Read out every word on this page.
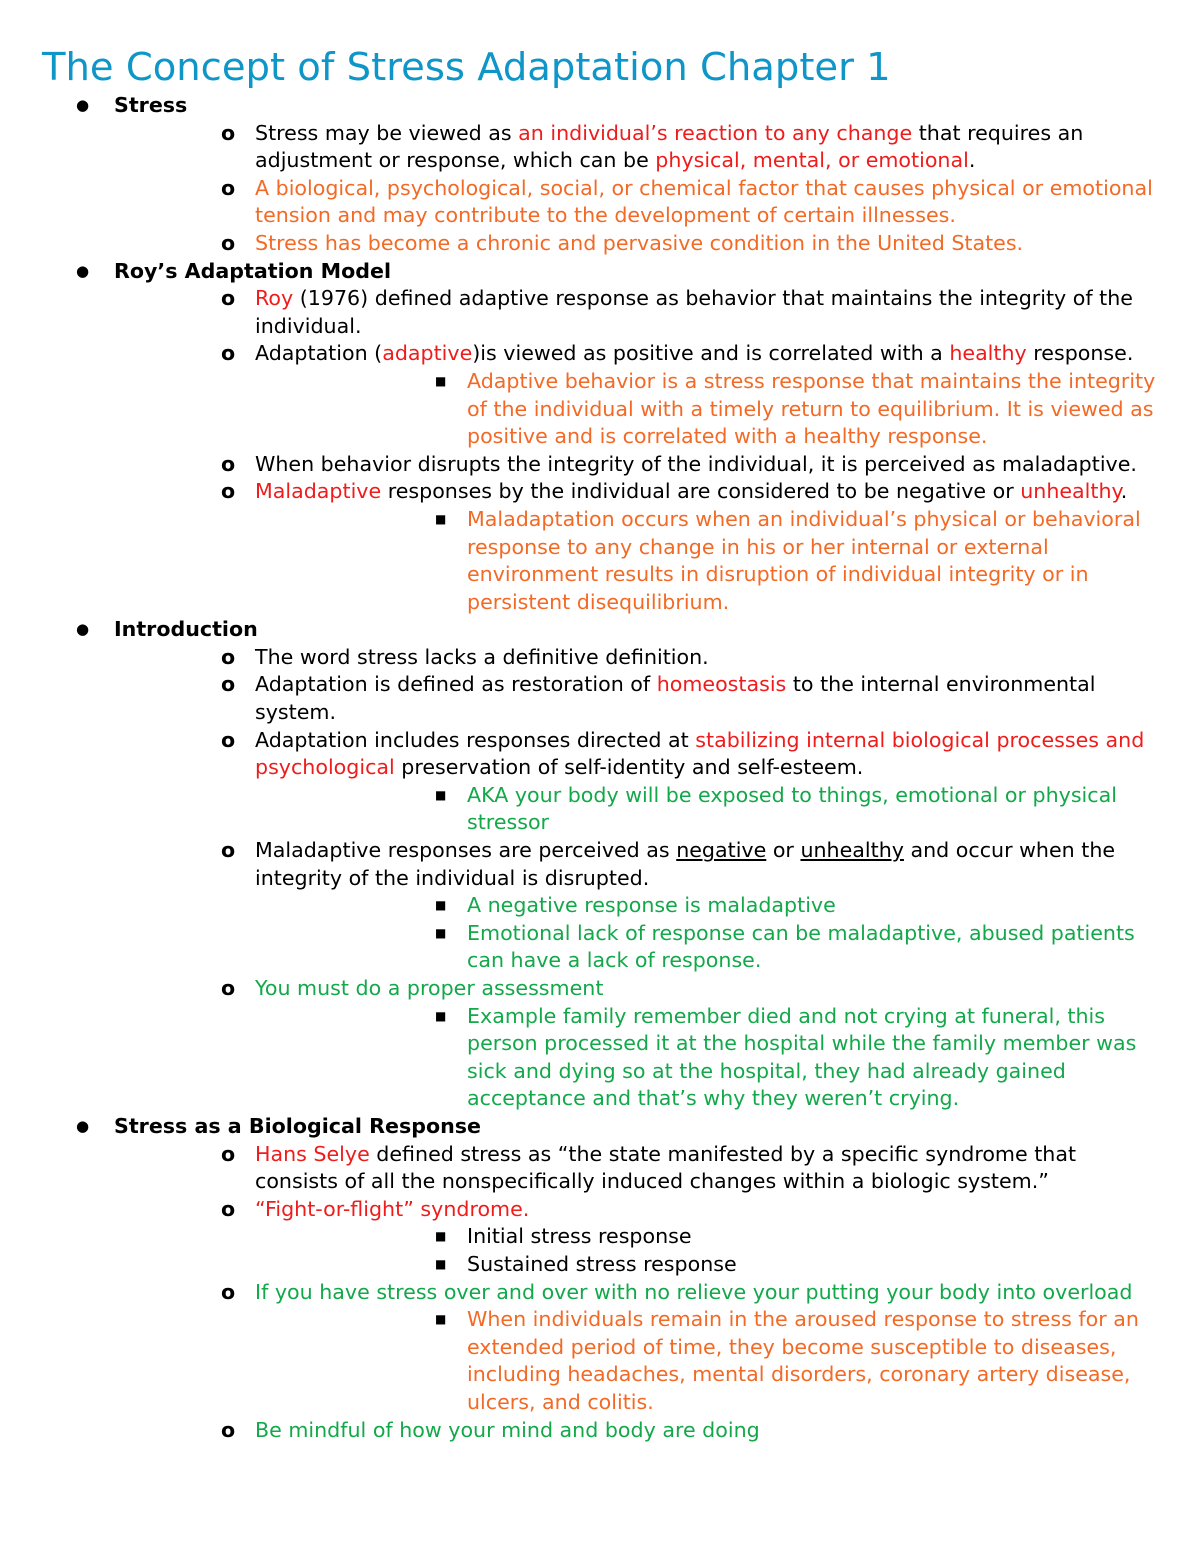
The Concept of Stress Adaptation Chapter 1
●
Stress
o
Stress may be viewed as an individual’s reaction to any change that requires an adjustment or response, which can be physical, mental, or emotional.
o
A biological, psychological, social, or chemical factor that causes physical or emotional tension and may contribute to the development of certain illnesses.
o
Stress has become a chronic and pervasive condition in the United States.
●
Roy’s Adaptation Model
o
Roy (1976) defined adaptive response as behavior that maintains the integrity of the individual.
o
Adaptation (adaptive)is viewed as positive and is correlated with a healthy response.
■
Adaptive behavior is a stress response that maintains the integrity of the individual with a timely return to equilibrium. It is viewed as positive and is correlated with a healthy response.
o
When behavior disrupts the integrity of the individual, it is perceived as maladaptive.
o
Maladaptive responses by the individual are considered to be negative or unhealthy.
■
Maladaptation occurs when an individual’s physical or behavioral response to any change in his or her internal or external environment results in disruption of individual integrity or in persistent disequilibrium.
●
Introduction
o
The word stress lacks a definitive definition.
o
Adaptation is defined as restoration of homeostasis to the internal environmental system.
o
Adaptation includes responses directed at stabilizing internal biological processes and psychological preservation of self-identity and self-esteem.
■
AKA your body will be exposed to things, emotional or physical stressor
o
Maladaptive responses are perceived as negative or unhealthy and occur when the integrity of the individual is disrupted.
■
A negative response is maladaptive
■
Emotional lack of response can be maladaptive, abused patients can have a lack of response.
o
You must do a proper assessment
■
Example family remember died and not crying at funeral, this person processed it at the hospital while the family member was sick and dying so at the hospital, they had already gained acceptance and that’s why they weren’t crying.
●
Stress as a Biological Response
o
Hans Selye defined stress as “the state manifested by a specific syndrome that consists of all the nonspecifically induced changes within a biologic system.”
o
“Fight-or-flight” syndrome.
■
Initial stress response
■
Sustained stress response
o
If you have stress over and over with no relieve your putting your body into overload
■
When individuals remain in the aroused response to stress for an extended period of time, they become susceptible to diseases, including headaches, mental disorders, coronary artery disease, ulcers, and colitis.
o
Be mindful of how your mind and body are doing
